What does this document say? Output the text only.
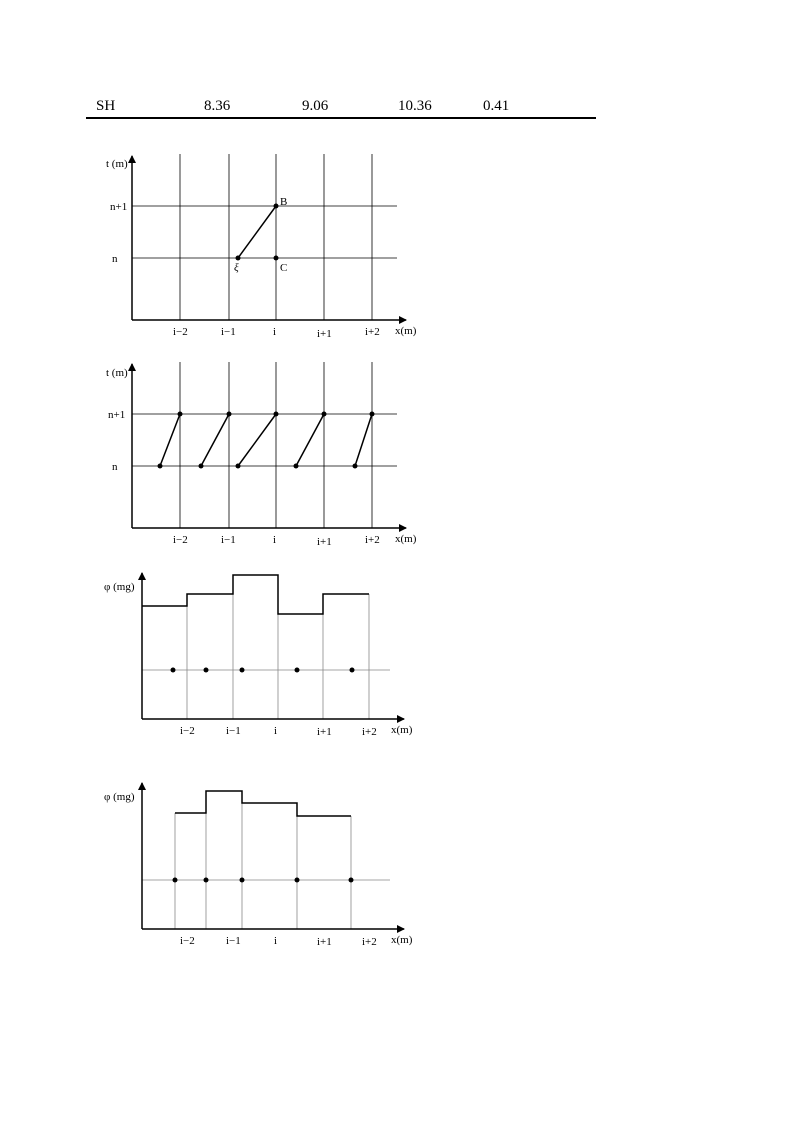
SH	8.36	9.06	10.36	0.41
t (m)
n+1
n
B
C
ξ
i−2	i−1	i	i+1	i+2 x(m)
t (m)
n+1
n
i−2	i−1	i	i+1	i+2 x(m)
φ (mg)
i−2	i−1	i	i+1	i+2 x(m)
φ (mg)
i−2	i−1	i	i+1	i+2 x(m)
